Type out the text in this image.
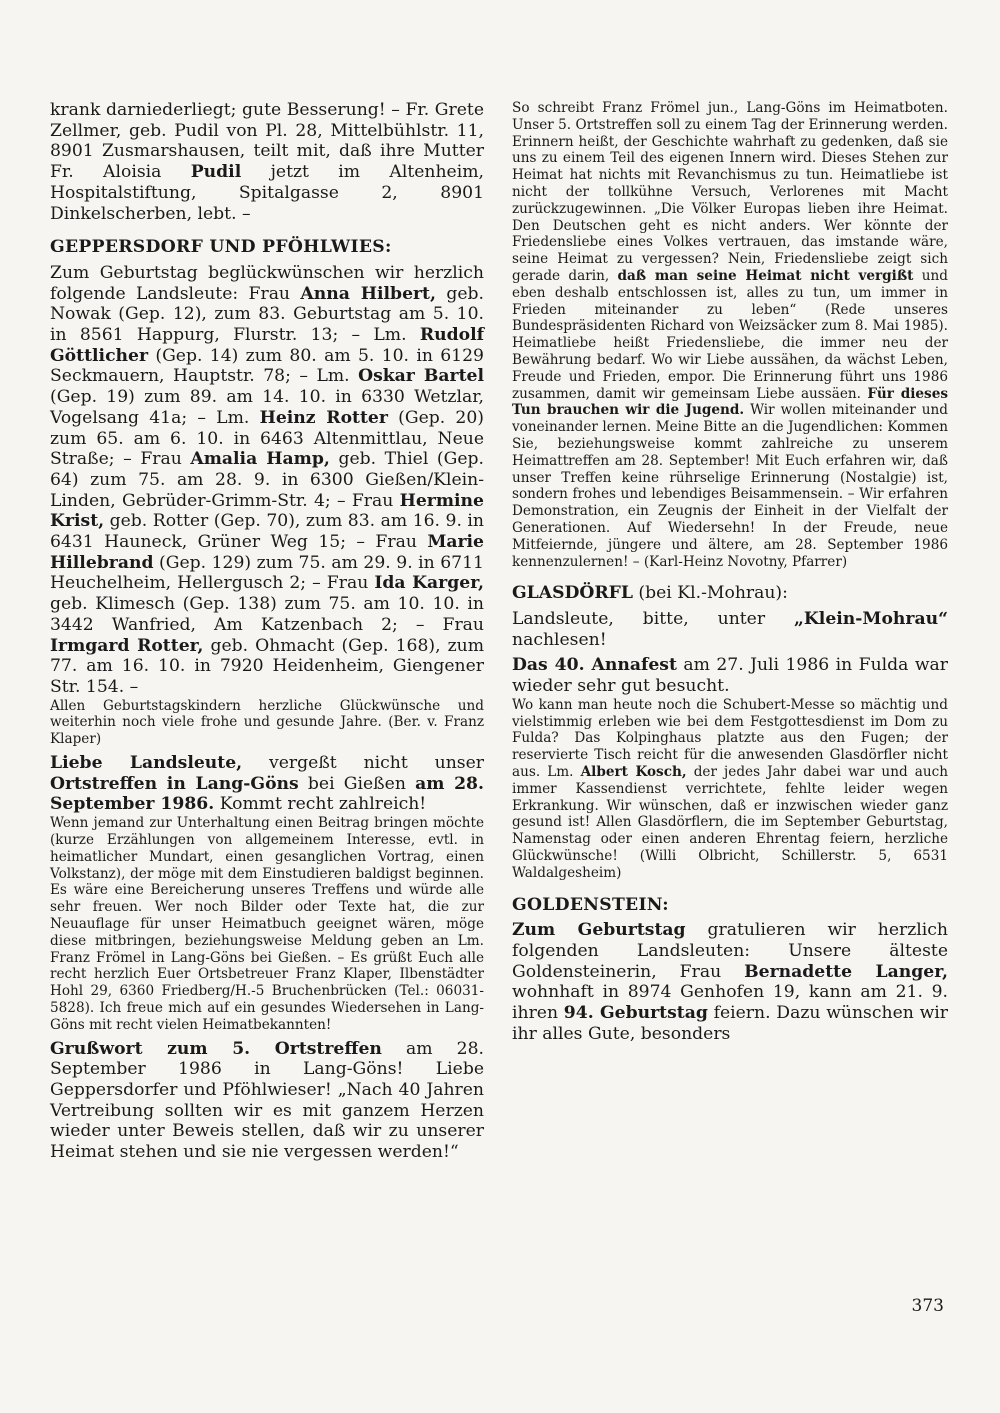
krank darniederliegt; gute Besserung! – Fr. Grete Zellmer, geb. Pudil von Pl. 28, Mittelbühlstr. 11, 8901 Zusmarshausen, teilt mit, daß ihre Mutter Fr. Aloisia Pudil jetzt im Altenheim, Hospitalstiftung, Spitalgasse 2, 8901 Dinkelscherben, lebt. –

GEPPERSDORF UND PFÖHLWIES:

Zum Geburtstag beglückwünschen wir herzlich folgende Landsleute: Frau Anna Hilbert, geb. Nowak (Gep. 12), zum 83. Geburtstag am 5. 10. in 8561 Happurg, Flurstr. 13; – Lm. Rudolf Göttlicher (Gep. 14) zum 80. am 5. 10. in 6129 Seckmauern, Hauptstr. 78; – Lm. Oskar Bartel (Gep. 19) zum 89. am 14. 10. in 6330 Wetzlar, Vogelsang 41a; – Lm. Heinz Rotter (Gep. 20) zum 65. am 6. 10. in 6463 Altenmittlau, Neue Straße; – Frau Amalia Hamp, geb. Thiel (Gep. 64) zum 75. am 28. 9. in 6300 Gießen/Klein-Linden, Gebrüder-Grimm-Str. 4; – Frau Hermine Krist, geb. Rotter (Gep. 70), zum 83. am 16. 9. in 6431 Hauneck, Grüner Weg 15; – Frau Marie Hillebrand (Gep. 129) zum 75. am 29. 9. in 6711 Heuchelheim, Hellergusch 2; – Frau Ida Karger, geb. Klimesch (Gep. 138) zum 75. am 10. 10. in 3442 Wanfried, Am Katzenbach 2; – Frau Irmgard Rotter, geb. Ohmacht (Gep. 168), zum 77. am 16. 10. in 7920 Heidenheim, Giengener Str. 154. –

Allen Geburtstagskindern herzliche Glückwünsche und weiterhin noch viele frohe und gesunde Jahre. (Ber. v. Franz Klaper)

Liebe Landsleute, vergeßt nicht unser Ortstreffen in Lang-Göns bei Gießen am 28. September 1986. Kommt recht zahlreich!

Wenn jemand zur Unterhaltung einen Beitrag bringen möchte (kurze Erzählungen von allgemeinem Interesse, evtl. in heimatlicher Mundart, einen gesanglichen Vortrag, einen Volkstanz), der möge mit dem Einstudieren baldigst beginnen. Es wäre eine Bereicherung unseres Treffens und würde alle sehr freuen. Wer noch Bilder oder Texte hat, die zur Neuauflage für unser Heimatbuch geeignet wären, möge diese mitbringen, beziehungsweise Meldung geben an Lm. Franz Frömel in Lang-Göns bei Gießen. – Es grüßt Euch alle recht herzlich Euer Ortsbetreuer Franz Klaper, Ilbenstädter Hohl 29, 6360 Friedberg/H.-5 Bruchenbrücken (Tel.: 06031-5828). Ich freue mich auf ein gesundes Wiedersehen in Lang-Göns mit recht vielen Heimatbekannten!

Grußwort zum 5. Ortstreffen am 28. September 1986 in Lang-Göns! Liebe Geppersdorfer und Pföhlwieser! „Nach 40 Jahren Vertreibung sollten wir es mit ganzem Herzen wieder unter Beweis stellen, daß wir zu unserer Heimat stehen und sie nie vergessen werden!“

So schreibt Franz Frömel jun., Lang-Göns im Heimatboten. Unser 5. Ortstreffen soll zu einem Tag der Erinnerung werden. Erinnern heißt, der Geschichte wahrhaft zu gedenken, daß sie uns zu einem Teil des eigenen Innern wird. Dieses Stehen zur Heimat hat nichts mit Revanchismus zu tun. Heimatliebe ist nicht der tollkühne Versuch, Verlorenes mit Macht zurückzugewinnen. „Die Völker Europas lieben ihre Heimat. Den Deutschen geht es nicht anders. Wer könnte der Friedensliebe eines Volkes vertrauen, das imstande wäre, seine Heimat zu vergessen? Nein, Friedensliebe zeigt sich gerade darin, daß man seine Heimat nicht vergißt und eben deshalb entschlossen ist, alles zu tun, um immer in Frieden miteinander zu leben“ (Rede unseres Bundespräsidenten Richard von Weizsäcker zum 8. Mai 1985). Heimatliebe heißt Friedensliebe, die immer neu der Bewährung bedarf. Wo wir Liebe aussähen, da wächst Leben, Freude und Frieden, empor. Die Erinnerung führt uns 1986 zusammen, damit wir gemeinsam Liebe aussäen. Für dieses Tun brauchen wir die Jugend. Wir wollen miteinander und voneinander lernen. Meine Bitte an die Jugendlichen: Kommen Sie, beziehungsweise kommt zahlreiche zu unserem Heimattreffen am 28. September! Mit Euch erfahren wir, daß unser Treffen keine rührselige Erinnerung (Nostalgie) ist, sondern frohes und lebendiges Beisammensein. – Wir erfahren Demonstration, ein Zeugnis der Einheit in der Vielfalt der Generationen. Auf Wiedersehn! In der Freude, neue Mitfeiernde, jüngere und ältere, am 28. September 1986 kennenzulernen! – (Karl-Heinz Novotny, Pfarrer)

GLASDÖRFL (bei Kl.-Mohrau):

Landsleute, bitte, unter „Klein-Mohrau“ nachlesen!

Das 40. Annafest am 27. Juli 1986 in Fulda war wieder sehr gut besucht.

Wo kann man heute noch die Schubert-Messe so mächtig und vielstimmig erleben wie bei dem Festgottesdienst im Dom zu Fulda? Das Kolpinghaus platzte aus den Fugen; der reservierte Tisch reicht für die anwesenden Glasdörfler nicht aus. Lm. Albert Kosch, der jedes Jahr dabei war und auch immer Kassendienst verrichtete, fehlte leider wegen Erkrankung. Wir wünschen, daß er inzwischen wieder ganz gesund ist! Allen Glasdörflern, die im September Geburtstag, Namenstag oder einen anderen Ehrentag feiern, herzliche Glückwünsche! (Willi Olbricht, Schillerstr. 5, 6531 Waldalgesheim)

GOLDENSTEIN:

Zum Geburtstag gratulieren wir herzlich folgenden Landsleuten: Unsere älteste Goldensteinerin, Frau Bernadette Langer, wohnhaft in 8974 Genhofen 19, kann am 21. 9. ihren 94. Geburtstag feiern. Dazu wünschen wir ihr alles Gute, besonders

373
